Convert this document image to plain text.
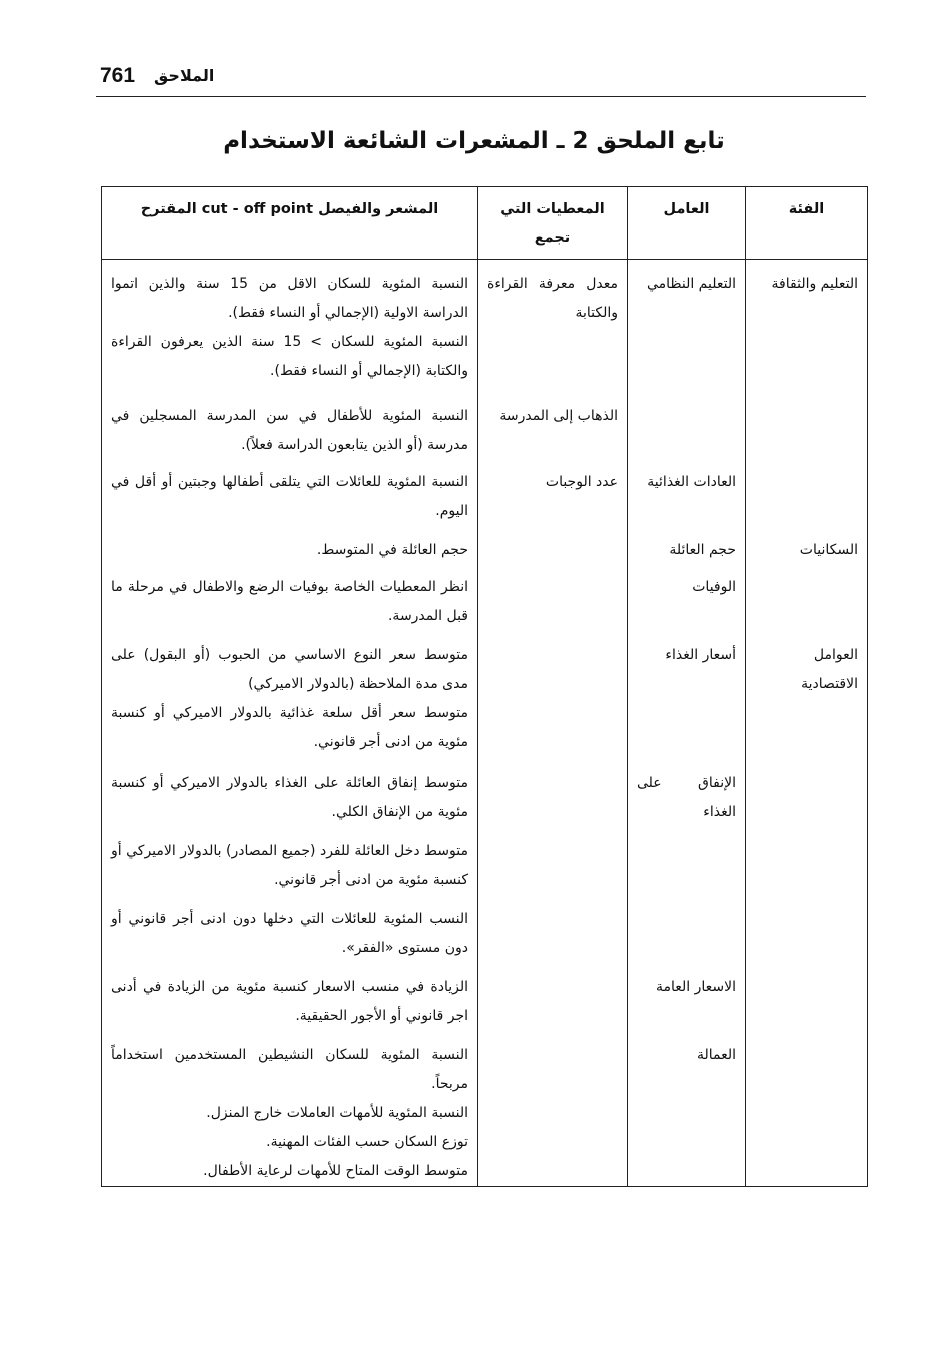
761 الملاحق
تابع الملحق 2 ـ المشعرات الشائعة الاستخدام
الفئة	العامل	المعطيات التي تجمع	المشعر والفيصل cut - off point المقترح
التعليم والثقافة	التعليم النظامي	معدل معرفة القراءة والكتابة	النسبة المئوية للسكان الاقل من 15 سنة والذين اتموا الدراسة الاولية (الإجمالي أو النساء فقط).

النسبة المئوية للسكان > 15 سنة الذين يعرفون القراءة والكتابة (الإجمالي أو النساء فقط).

		الذهاب إلى المدرسة	النسبة المئوية للأطفال في سن المدرسة المسجلين في مدرسة (أو الذين يتابعون الدراسة فعلاً).

	العادات الغذائية	عدد الوجبات	النسبة المئوية للعائلات التي يتلقى أطفالها وجبتين أو أقل في اليوم.

السكانيات	حجم العائلة		حجم العائلة في المتوسط.

	الوفيات		انظر المعطيات الخاصة بوفيات الرضع والاطفال في مرحلة ما قبل المدرسة.

العوامل الاقتصادية	أسعار الغذاء		متوسط سعر النوع الاساسي من الحبوب (أو البقول) على مدى مدة الملاحظة (بالدولار الاميركي)

متوسط سعر أقل سلعة غذائية بالدولار الاميركي أو كنسبة مئوية من ادنى أجر قانوني.

	الإنفاق على الغذاء		متوسط إنفاق العائلة على الغذاء بالدولار الاميركي أو كنسبة مئوية من الإنفاق الكلي.

			متوسط دخل العائلة للفرد (جميع المصادر) بالدولار الاميركي أو كنسبة مئوية من ادنى أجر قانوني.

			النسب المئوية للعائلات التي دخلها دون ادنى أجر قانوني أو دون مستوى «الفقر».

	الاسعار العامة		الزيادة في منسب الاسعار كنسبة مئوية من الزيادة في أدنى اجر قانوني أو الأجور الحقيقية.

	العمالة		النسبة المئوية للسكان النشيطين المستخدمين استخداماً مربحاً.

النسبة المئوية للأمهات العاملات خارج المنزل.

توزع السكان حسب الفئات المهنية.

متوسط الوقت المتاح للأمهات لرعاية الأطفال.
